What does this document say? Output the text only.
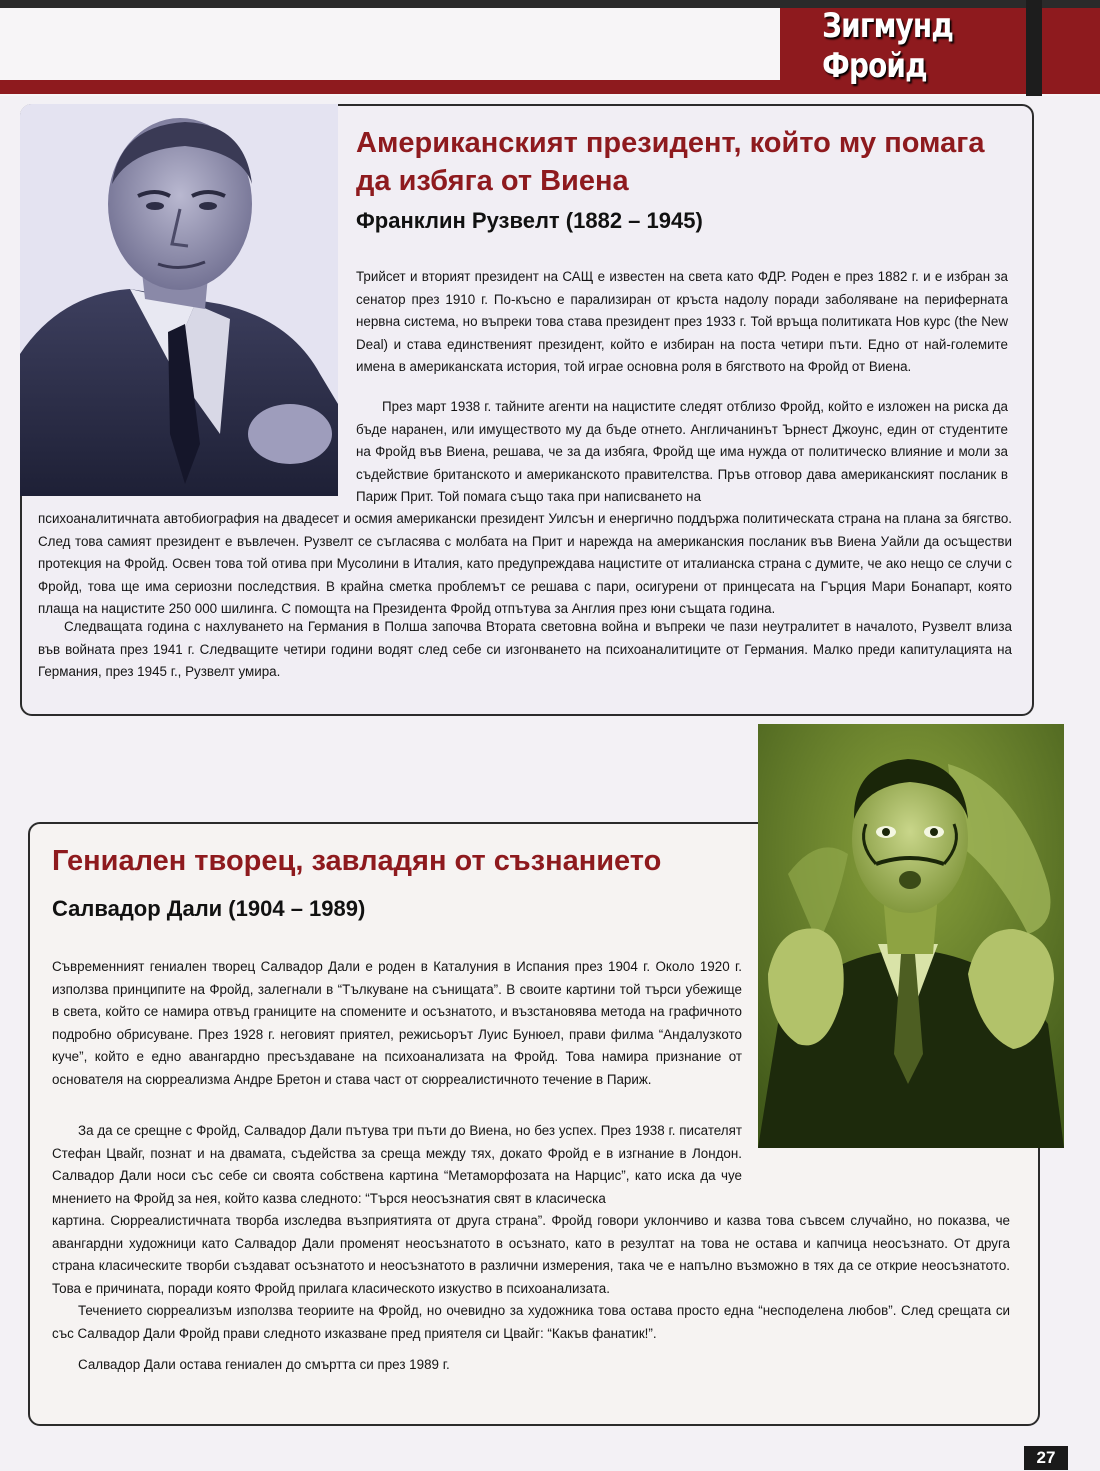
Зигмунд Фройд
Американският президент, който му помага да избяга от Виена
Франклин Рузвелт (1882 – 1945)

Трийсет и вторият президент на САЩ е известен на света като ФДР. Роден е през 1882 г. и е избран за сенатор през 1910 г. По-късно е парализиран от кръста надолу поради заболяване на периферната нервна система, но въпреки това става президент през 1933 г. Той връща политиката Нов курс (the New Deal) и става единственият президент, който е избиран на поста четири пъти. Едно от най-големите имена в американската история, той играе основна роля в бягството на Фройд от Виена.

През март 1938 г. тайните агенти на нацистите следят отблизо Фройд, който е изложен на риска да бъде наранен, или имуществото му да бъде отнето. Англичанинът Ърнест Джоунс, един от студентите на Фройд във Виена, решава, че за да избяга, Фройд ще има нужда от политическо влияние и моли за съдействие британското и американското правителства. Пръв отговор дава американският посланик в Париж Прит. Той помага също така при написването на

психоаналитичната автобиография на двадесет и осмия американски президент Уилсън и енергично поддържа политическата страна на плана за бягство. След това самият президент е въвлечен. Рузвелт се съгласява с молбата на Прит и нарежда на американския посланик във Виена Уайли да осъществи протекция на Фройд. Освен това той отива при Мусолини в Италия, като предупреждава нацистите от италианска страна с думите, че ако нещо се случи с Фройд, това ще има сериозни последствия. В крайна сметка проблемът се решава с пари, осигурени от принцесата на Гърция Мари Бонапарт, която плаща на нацистите 250 000 шилинга. С помощта на Президента Фройд отпътува за Англия през юни същата година.

Следващата година с нахлуването на Германия в Полша започва Втората световна война и въпреки че пази неутралитет в началото, Рузвелт влиза във войната през 1941 г. Следващите четири години водят след себе си изгонването на психоаналитиците от Германия. Малко преди капитулацията на Германия, през 1945 г., Рузвелт умира.

Гениален творец, завладян от съзнанието
Салвадор Дали (1904 – 1989)

Съвременният гениален творец Салвадор Дали е роден в Каталуния в Испания през 1904 г. Около 1920 г. използва принципите на Фройд, залегнали в “Тълкуване на сънищата”. В своите картини той търси убежище в света, който се намира отвъд границите на спомените и осъзнатото, и възстановява метода на графичното подробно обрисуване. През 1928 г. неговият приятел, режисьорът Луис Бунюел, прави филма “Андалузкото куче”, който е едно авангардно пресъздаване на психоанализата на Фройд. Това намира признание от основателя на сюрреализма Андре Бретон и става част от сюрреалистичното течение в Париж.

За да се срещне с Фройд, Салвадор Дали пътува три пъти до Виена, но без успех. През 1938 г. писателят Стефан Цвайг, познат и на двамата, съдейства за среща между тях, докато Фройд е в изгнание в Лондон. Салвадор Дали носи със себе си своята собствена картина “Метаморфозата на Нарцис”, като иска да чуе мнението на Фройд за нея, който казва следното: “Търся неосъзнатия свят в класическа

картина. Сюрреалистичната творба изследва възприятията от друга страна”. Фройд говори уклончиво и казва това съвсем случайно, но показва, че авангардни художници като Салвадор Дали променят неосъзнатото в осъзнато, като в резултат на това не остава и капчица неосъзнато. От друга страна класическите творби създават осъзнатото и неосъзнатото в различни измерения, така че е напълно възможно в тях да се открие неосъзнатото. Това е причината, поради която Фройд прилага класическото изкуство в психоанализата.

Течението сюрреализъм използва теориите на Фройд, но очевидно за художника това остава просто една “несподелена любов”. След срещата си със Салвадор Дали Фройд прави следното изказване пред приятеля си Цвайг: “Какъв фанатик!”.

Салвадор Дали остава гениален до смъртта си през 1989 г.

27
